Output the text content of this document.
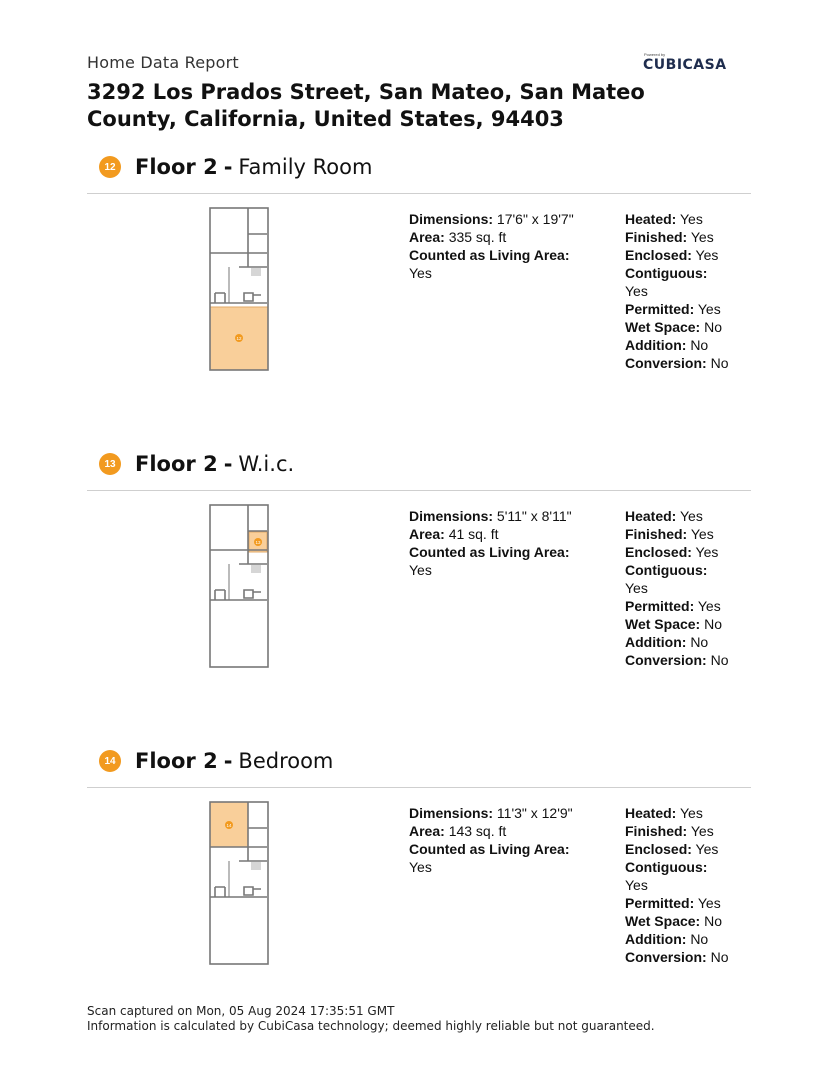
Home Data Report
3292 Los Prados Street, San Mateo, San Mateo County, California, United States, 94403
Powered by
CUBICASA
12 Floor 2 - Family Room
12
Dimensions: 17'6" x 19'7"
Area: 335 sq. ft
Counted as Living Area:
Yes
Heated: Yes
Finished: Yes
Enclosed: Yes
Contiguous:
Yes
Permitted: Yes
Wet Space: No
Addition: No
Conversion: No
13 Floor 2 - W.i.c.
13
Dimensions: 5'11" x 8'11"
Area: 41 sq. ft
Counted as Living Area:
Yes
Heated: Yes
Finished: Yes
Enclosed: Yes
Contiguous:
Yes
Permitted: Yes
Wet Space: No
Addition: No
Conversion: No
14 Floor 2 - Bedroom
14
Dimensions: 11'3" x 12'9"
Area: 143 sq. ft
Counted as Living Area:
Yes
Heated: Yes
Finished: Yes
Enclosed: Yes
Contiguous:
Yes
Permitted: Yes
Wet Space: No
Addition: No
Conversion: No
Scan captured on Mon, 05 Aug 2024 17:35:51 GMT
Information is calculated by CubiCasa technology; deemed highly reliable but not guaranteed.
